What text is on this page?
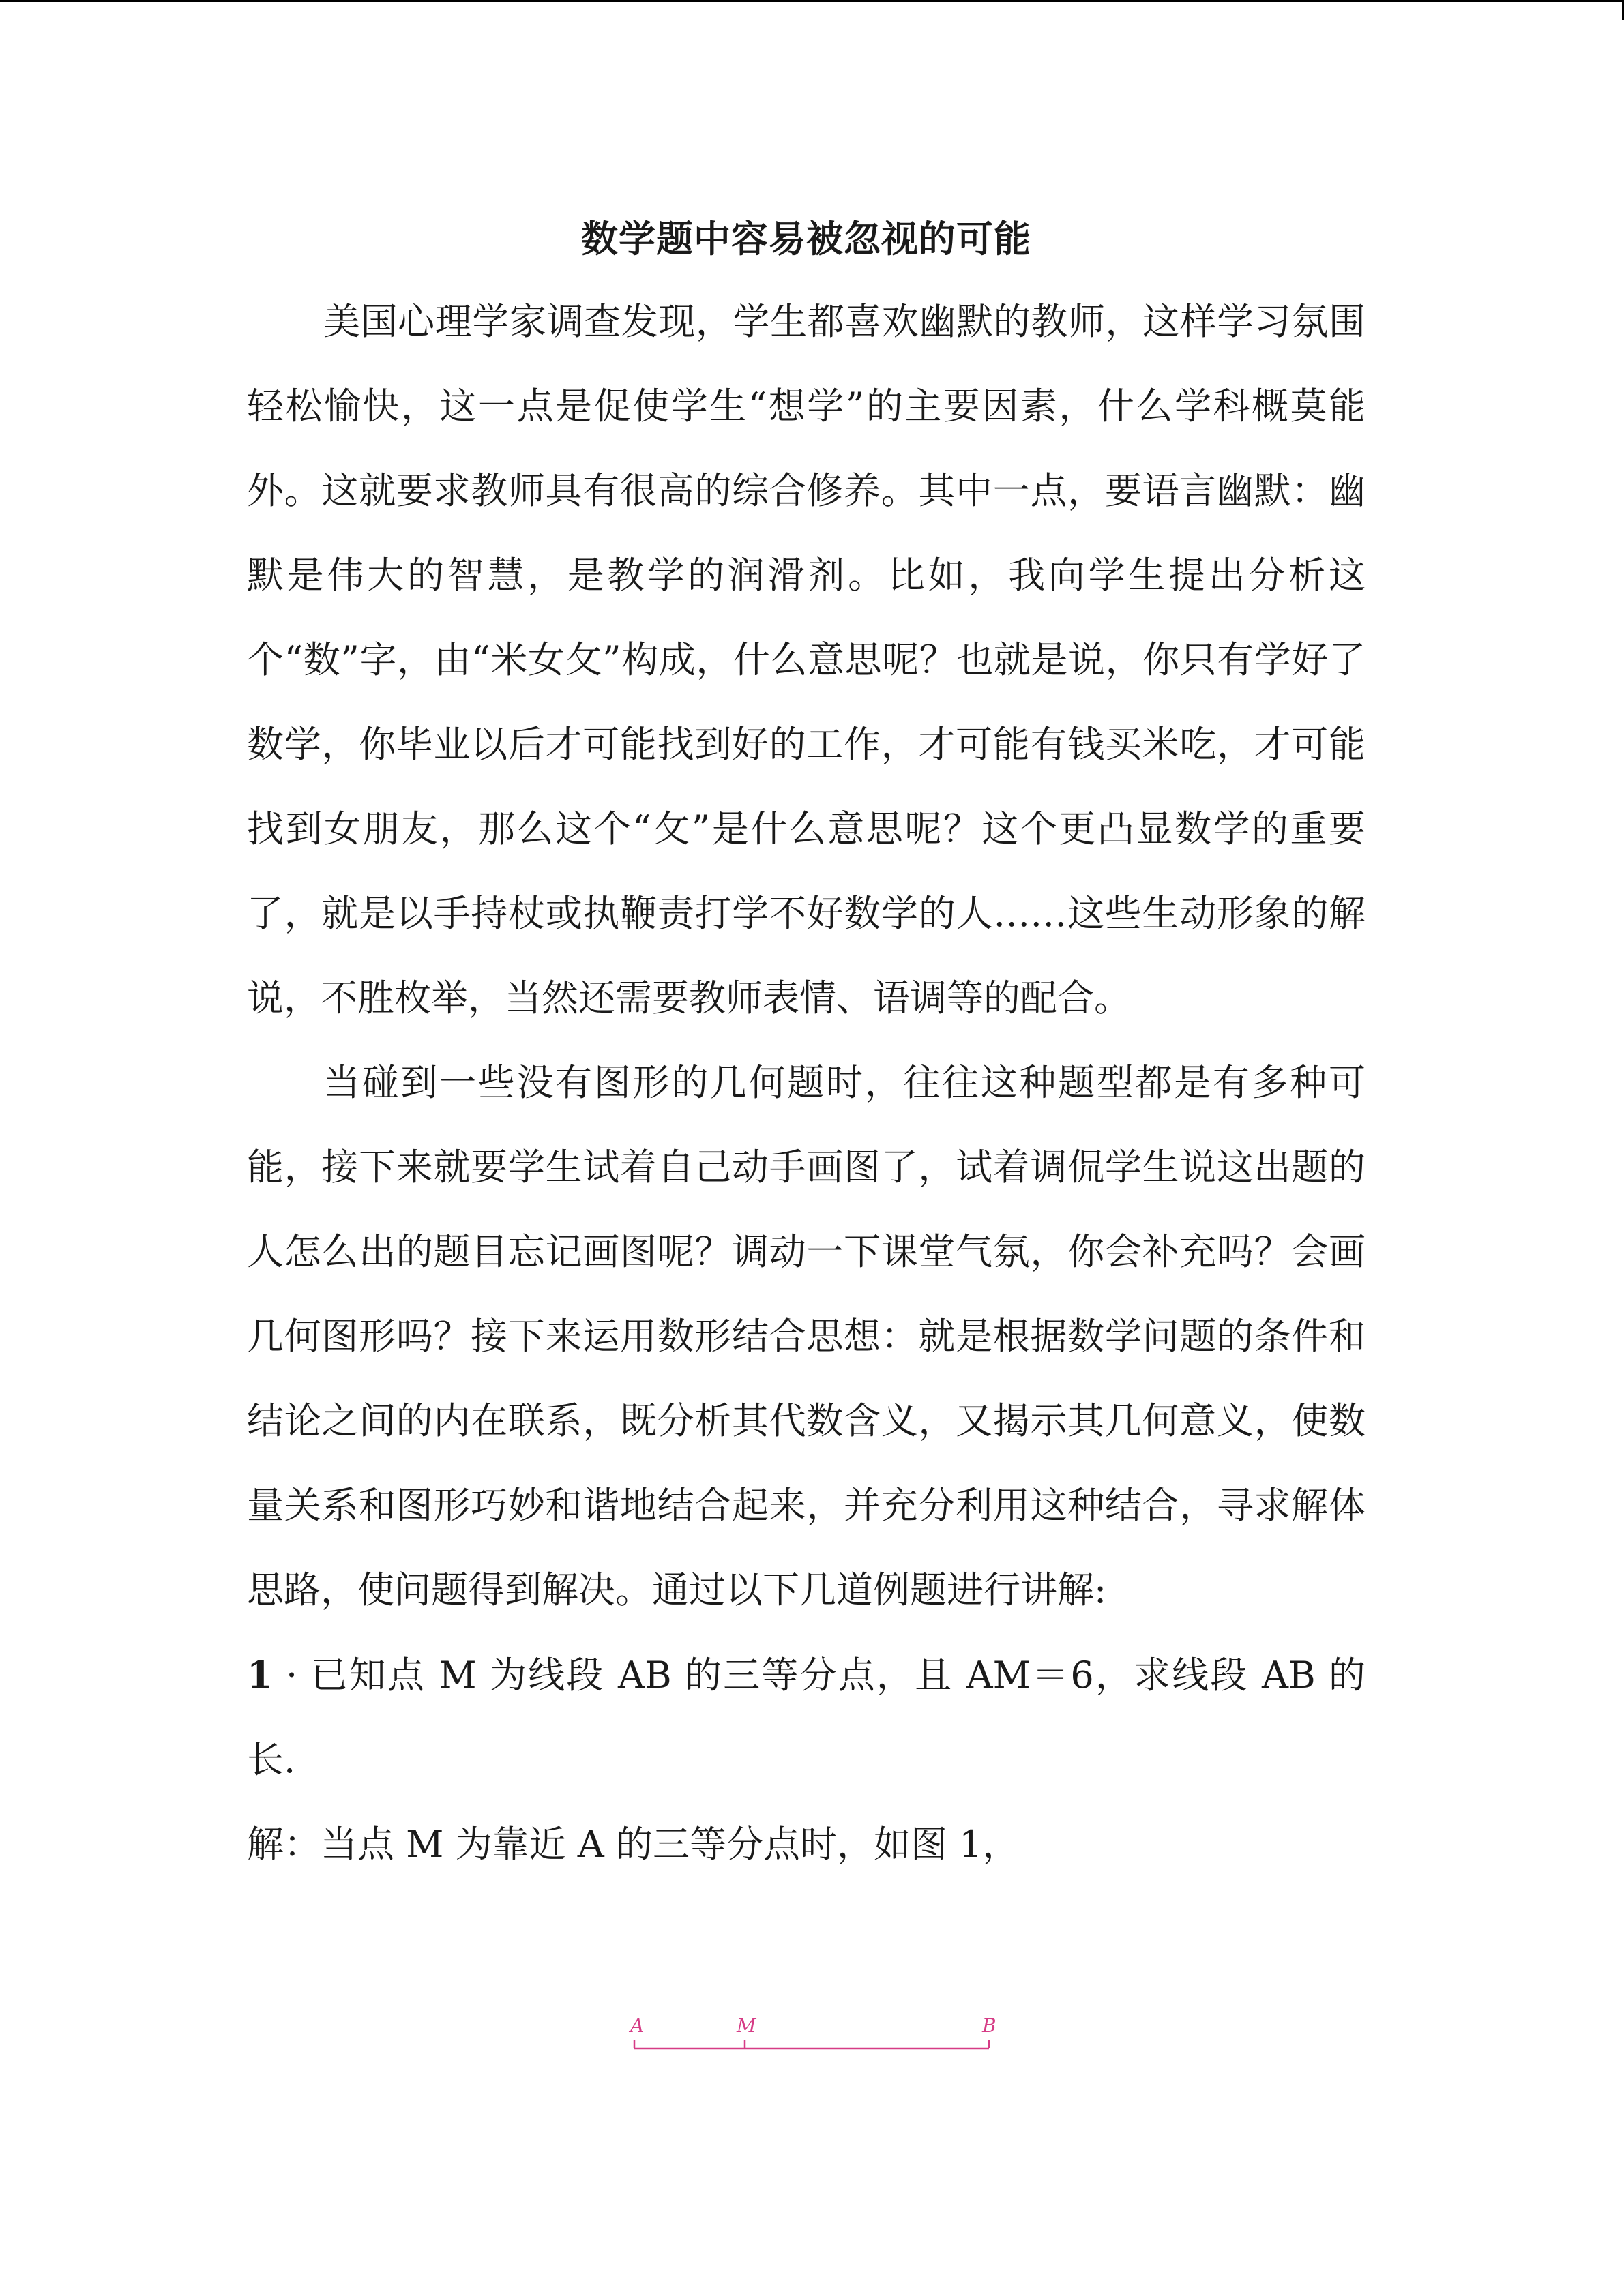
数学题中容易被忽视的可能

美国心理学家调查发现，学生都喜欢幽默的教师，这样学习氛围轻松愉快，这一点是促使学生“想学”的主要因素，什么学科概莫能外。这就要求教师具有很高的综合修养。其中一点，要语言幽默：幽默是伟大的智慧，是教学的润滑剂。比如，我向学生提出分析这个“数”字，由“米女攵”构成，什么意思呢？也就是说，你只有学好了数学，你毕业以后才可能找到好的工作，才可能有钱买米吃，才可能找到女朋友，那么这个“攵”是什么意思呢？这个更凸显数学的重要了，就是以手持杖或执鞭责打学不好数学的人……这些生动形象的解说，不胜枚举，当然还需要教师表情、语调等的配合。

当碰到一些没有图形的几何题时，往往这种题型都是有多种可能，接下来就要学生试着自己动手画图了，试着调侃学生说这出题的人怎么出的题目忘记画图呢？调动一下课堂气氛，你会补充吗？会画几何图形吗？接下来运用数形结合思想：就是根据数学问题的条件和结论之间的内在联系，既分析其代数含义，又揭示其几何意义，使数量关系和图形巧妙和谐地结合起来，并充分利用这种结合，寻求解体思路，使问题得到解决。通过以下几道例题进行讲解:

1 · 已知点 M 为线段 AB 的三等分点，且 AM＝6，求线段 AB 的长.

解：当点 M 为靠近 A 的三等分点时，如图 1，

A	M	B
